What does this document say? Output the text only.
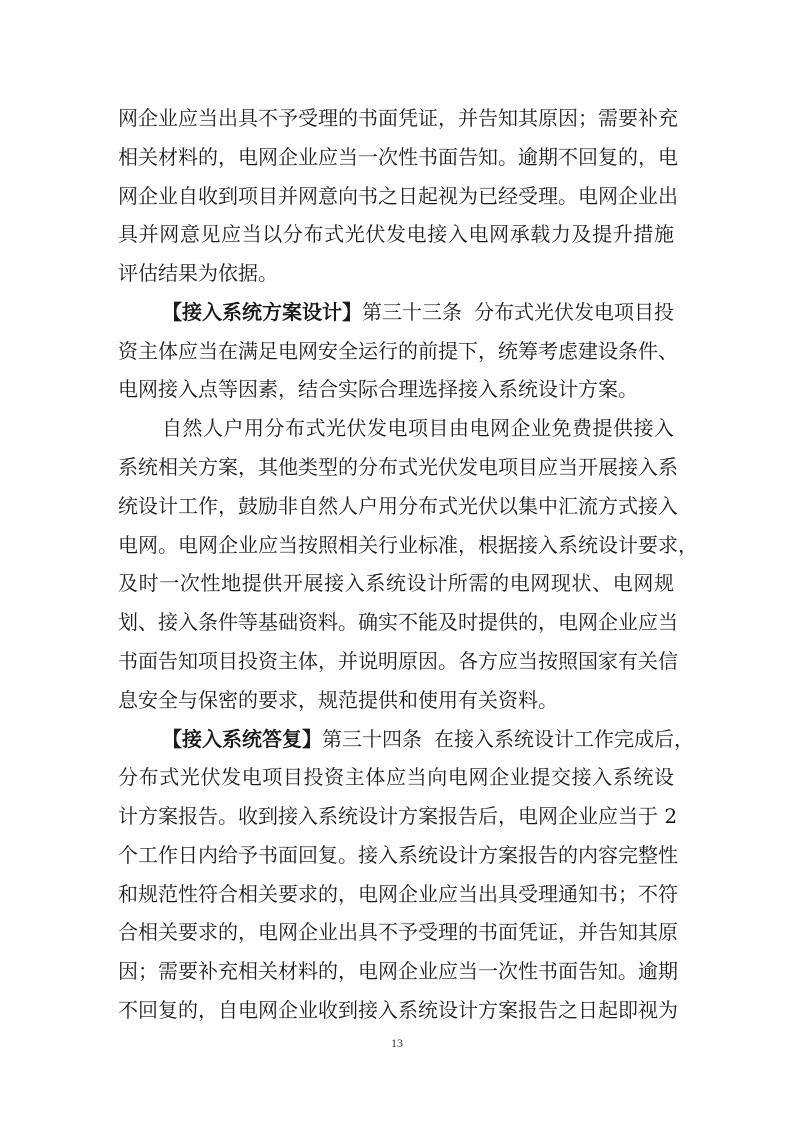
网企业应当出具不予受理的书面凭证，并告知其原因；需要补充
相关材料的，电网企业应当一次性书面告知。逾期不回复的，电
网企业自收到项目并网意向书之日起视为已经受理。电网企业出
具并网意见应当以分布式光伏发电接入电网承载力及提升措施
评估结果为依据。
【接入系统方案设计】第三十三条 分布式光伏发电项目投
资主体应当在满足电网安全运行的前提下，统筹考虑建设条件、
电网接入点等因素，结合实际合理选择接入系统设计方案。
自然人户用分布式光伏发电项目由电网企业免费提供接入
系统相关方案，其他类型的分布式光伏发电项目应当开展接入系
统设计工作，鼓励非自然人户用分布式光伏以集中汇流方式接入
电网。电网企业应当按照相关行业标准，根据接入系统设计要求，
及时一次性地提供开展接入系统设计所需的电网现状、电网规
划、接入条件等基础资料。确实不能及时提供的，电网企业应当
书面告知项目投资主体，并说明原因。各方应当按照国家有关信
息安全与保密的要求，规范提供和使用有关资料。
【接入系统答复】第三十四条 在接入系统设计工作完成后，
分布式光伏发电项目投资主体应当向电网企业提交接入系统设
计方案报告。收到接入系统设计方案报告后，电网企业应当于 2
个工作日内给予书面回复。接入系统设计方案报告的内容完整性
和规范性符合相关要求的，电网企业应当出具受理通知书；不符
合相关要求的，电网企业出具不予受理的书面凭证，并告知其原
因；需要补充相关材料的，电网企业应当一次性书面告知。逾期
不回复的，自电网企业收到接入系统设计方案报告之日起即视为
13
